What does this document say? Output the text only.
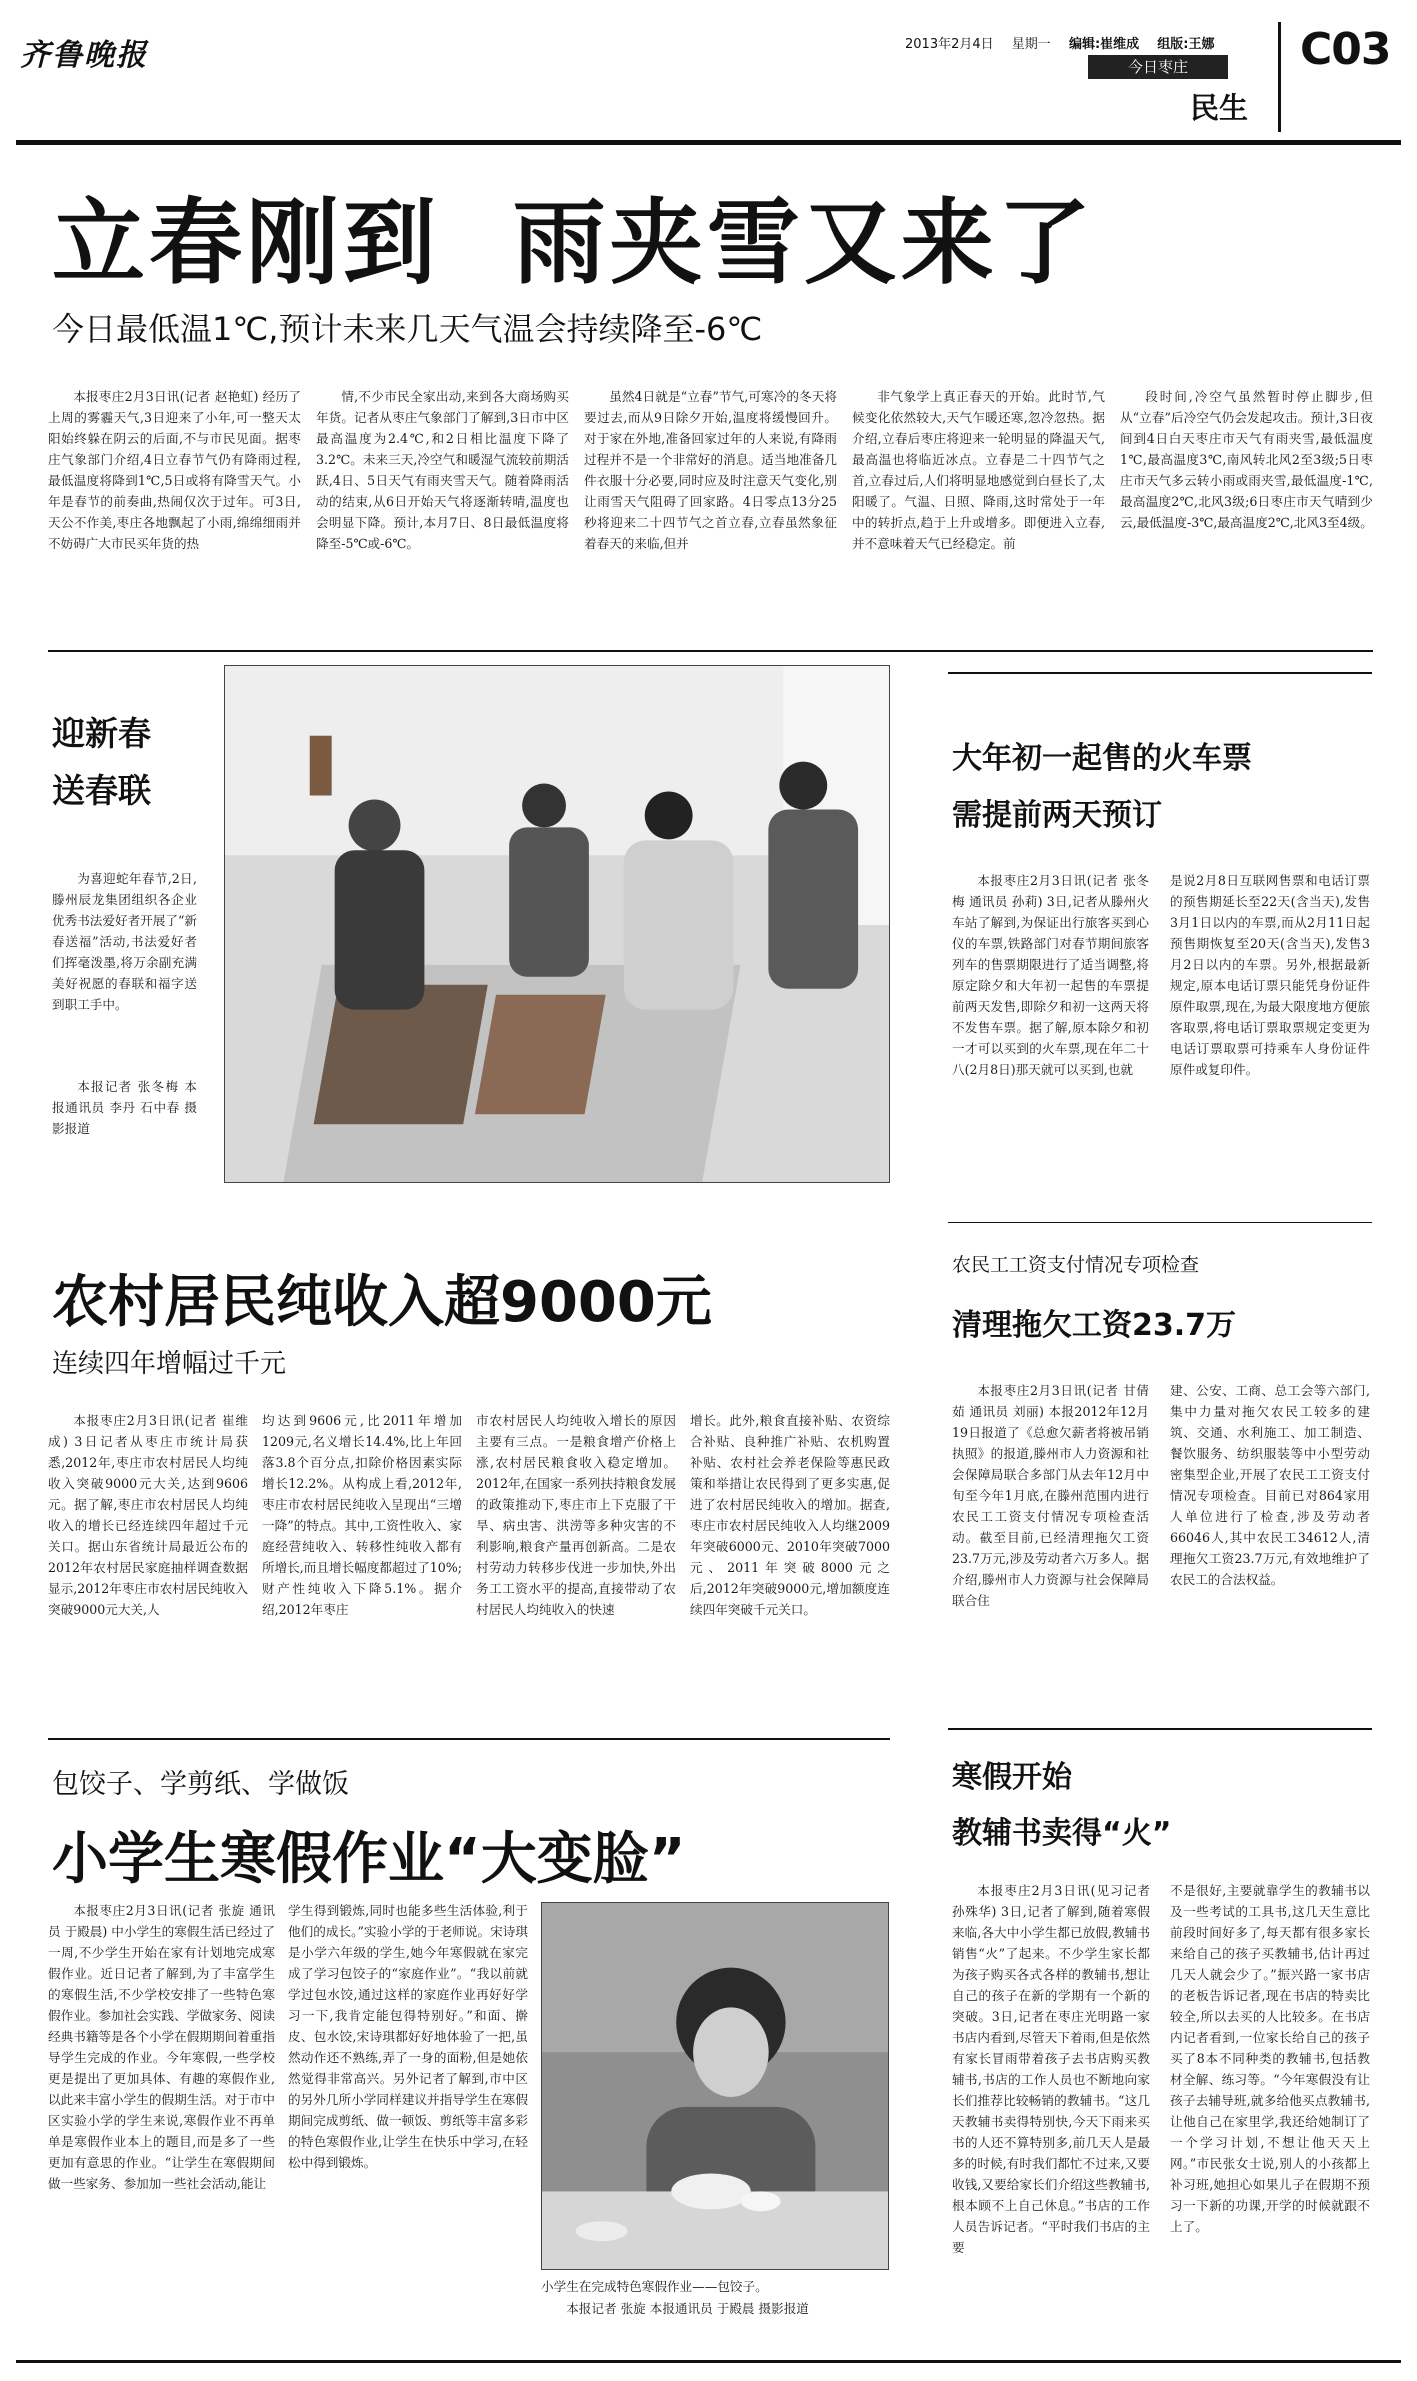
齐鲁晚报	2013年2月4日 星期一 编辑:崔维成 组版:王娜
今日枣庄
民生
C03
立春刚到  雨夹雪又来了
今日最低温1℃,预计未来几天气温会持续降至-6℃
本报枣庄2月3日讯(记者 赵艳虹) 经历了上周的雾霾天气,3日迎来了小年,可一整天太阳始终躲在阴云的后面,不与市民见面。据枣庄气象部门介绍,4日立春节气仍有降雨过程,最低温度将降到1℃,5日或将有降雪天气。小年是春节的前奏曲,热闹仅次于过年。可3日,天公不作美,枣庄各地飘起了小雨,绵绵细雨并不妨碍广大市民买年货的热
情,不少市民全家出动,来到各大商场购买年货。记者从枣庄气象部门了解到,3日市中区最高温度为2.4℃,和2日相比温度下降了3.2℃。未来三天,冷空气和暖湿气流较前期活跃,4日、5日天气有雨夹雪天气。随着降雨活动的结束,从6日开始天气将逐渐转晴,温度也会明显下降。预计,本月7日、8日最低温度将降至-5℃或-6℃。
虽然4日就是“立春”节气,可寒冷的冬天将要过去,而从9日除夕开始,温度将缓慢回升。对于家在外地,准备回家过年的人来说,有降雨过程并不是一个非常好的消息。适当地准备几件衣服十分必要,同时应及时注意天气变化,别让雨雪天气阻碍了回家路。4日零点13分25秒将迎来二十四节气之首立春,立春虽然象征着春天的来临,但并
非气象学上真正春天的开始。此时节,气候变化依然较大,天气乍暖还寒,忽冷忽热。据介绍,立春后枣庄将迎来一轮明显的降温天气,最高温也将临近冰点。立春是二十四节气之首,立春过后,人们将明显地感觉到白昼长了,太阳暖了。气温、日照、降雨,这时常处于一年中的转折点,趋于上升或增多。即便进入立春,并不意味着天气已经稳定。前
段时间,冷空气虽然暂时停止脚步,但从“立春”后冷空气仍会发起攻击。预计,3日夜间到4日白天枣庄市天气有雨夹雪,最低温度1℃,最高温度3℃,南风转北风2至3级;5日枣庄市天气多云转小雨或雨夹雪,最低温度-1℃,最高温度2℃,北风3级;6日枣庄市天气晴到少云,最低温度-3℃,最高温度2℃,北风3至4级。
迎新春
送春联
为喜迎蛇年春节,2日,滕州辰龙集团组织各企业优秀书法爱好者开展了“新春送福”活动,书法爱好者们挥毫泼墨,将万余副充满美好祝愿的春联和福字送到职工手中。
本报记者 张冬梅 本报通讯员 李丹 石中春 摄影报道
大年初一起售的火车票
需提前两天预订
本报枣庄2月3日讯(记者 张冬梅 通讯员 孙莉) 3日,记者从滕州火车站了解到,为保证出行旅客买到心仪的车票,铁路部门对春节期间旅客列车的售票期限进行了适当调整,将原定除夕和大年初一起售的车票提前两天发售,即除夕和初一这两天将不发售车票。据了解,原本除夕和初一才可以买到的火车票,现在年二十八(2月8日)那天就可以买到,也就
是说2月8日互联网售票和电话订票的预售期延长至22天(含当天),发售3月1日以内的车票,而从2月11日起预售期恢复至20天(含当天),发售3月2日以内的车票。另外,根据最新规定,原本电话订票只能凭身份证件原件取票,现在,为最大限度地方便旅客取票,将电话订票取票规定变更为电话订票取票可持乘车人身份证件原件或复印件。
农民工工资支付情况专项检查
清理拖欠工资23.7万
本报枣庄2月3日讯(记者 甘倩茹 通讯员 刘丽) 本报2012年12月19日报道了《总愈欠薪者将被吊销执照》的报道,滕州市人力资源和社会保障局联合多部门从去年12月中旬至今年1月底,在滕州范围内进行农民工工资支付情况专项检查活动。截至目前,已经清理拖欠工资23.7万元,涉及劳动者六万多人。据介绍,滕州市人力资源与社会保障局联合住
建、公安、工商、总工会等六部门,集中力量对拖欠农民工较多的建筑、交通、水利施工、加工制造、餐饮服务、纺织服装等中小型劳动密集型企业,开展了农民工工资支付情况专项检查。目前已对864家用人单位进行了检查,涉及劳动者66046人,其中农民工34612人,清理拖欠工资23.7万元,有效地维护了农民工的合法权益。
农村居民纯收入超9000元
连续四年增幅过千元
本报枣庄2月3日讯(记者 崔维成) 3日记者从枣庄市统计局获悉,2012年,枣庄市农村居民人均纯收入突破9000元大关,达到9606元。据了解,枣庄市农村居民人均纯收入的增长已经连续四年超过千元关口。据山东省统计局最近公布的2012年农村居民家庭抽样调查数据显示,2012年枣庄市农村居民纯收入突破9000元大关,人
均达到9606元,比2011年增加1209元,名义增长14.4%,比上年回落3.8个百分点,扣除价格因素实际增长12.2%。从构成上看,2012年,枣庄市农村居民纯收入呈现出“三增一降”的特点。其中,工资性收入、家庭经营纯收入、转移性纯收入都有所增长,而且增长幅度都超过了10%;财产性纯收入下降5.1%。据介绍,2012年枣庄
市农村居民人均纯收入增长的原因主要有三点。一是粮食增产价格上涨,农村居民粮食收入稳定增加。2012年,在国家一系列扶持粮食发展的政策推动下,枣庄市上下克服了干旱、病虫害、洪涝等多种灾害的不利影响,粮食产量再创新高。二是农村劳动力转移步伐进一步加快,外出务工工资水平的提高,直接带动了农村居民人均纯收入的快速
增长。此外,粮食直接补贴、农资综合补贴、良种推广补贴、农机购置补贴、农村社会养老保险等惠民政策和举措让农民得到了更多实惠,促进了农村居民纯收入的增加。据查,枣庄市农村居民纯收入人均继2009年突破6000元、2010年突破7000元、2011年突破8000元之后,2012年突破9000元,增加额度连续四年突破千元关口。
寒假开始
教辅书卖得“火”
本报枣庄2月3日讯(见习记者 孙殊华) 3日,记者了解到,随着寒假来临,各大中小学生都已放假,教辅书销售“火”了起来。不少学生家长都为孩子购买各式各样的教辅书,想让自己的孩子在新的学期有一个新的突破。3日,记者在枣庄光明路一家书店内看到,尽管天下着雨,但是依然有家长冒雨带着孩子去书店购买教辅书,书店的工作人员也不断地向家长们推荐比较畅销的教辅书。“这几天教辅书卖得特别快,今天下雨来买书的人还不算特别多,前几天人是最多的时候,有时我们都忙不过来,又要收钱,又要给家长们介绍这些教辅书,根本顾不上自己休息。”书店的工作人员告诉记者。“平时我们书店的主要
不是很好,主要就靠学生的教辅书以及一些考试的工具书,这几天生意比前段时间好多了,每天都有很多家长来给自己的孩子买教辅书,估计再过几天人就会少了。”振兴路一家书店的老板告诉记者,现在书店的特卖比较全,所以去买的人比较多。在书店内记者看到,一位家长给自己的孩子买了8本不同种类的教辅书,包括教材全解、练习等。“今年寒假没有让孩子去辅导班,就多给他买点教辅书,让他自己在家里学,我还给她制订了一个学习计划,不想让他天天上网。”市民张女士说,别人的小孩都上补习班,她担心如果儿子在假期不预习一下新的功课,开学的时候就跟不上了。
包饺子、学剪纸、学做饭
小学生寒假作业“大变脸”
本报枣庄2月3日讯(记者 张旋 通讯员 于殿晨) 中小学生的寒假生活已经过了一周,不少学生开始在家有计划地完成寒假作业。近日记者了解到,为了丰富学生的寒假生活,不少学校安排了一些特色寒假作业。参加社会实践、学做家务、阅读经典书籍等是各个小学在假期期间着重指导学生完成的作业。今年寒假,一些学校更是提出了更加具体、有趣的寒假作业,以此来丰富小学生的假期生活。对于市中区实验小学的学生来说,寒假作业不再单单是寒假作业本上的题目,而是多了一些更加有意思的作业。“让学生在寒假期间做一些家务、参加加一些社会活动,能让
学生得到锻炼,同时也能多些生活体验,利于他们的成长。”实验小学的于老师说。宋诗琪是小学六年级的学生,她今年寒假就在家完成了学习包饺子的“家庭作业”。“我以前就学过包水饺,通过这样的家庭作业再好好学习一下,我肯定能包得特别好。”和面、擀皮、包水饺,宋诗琪都好好地体验了一把,虽然动作还不熟练,弄了一身的面粉,但是她依然觉得非常高兴。另外记者了解到,市中区的另外几所小学同样建议并指导学生在寒假期间完成剪纸、做一顿饭、剪纸等丰富多彩的特色寒假作业,让学生在快乐中学习,在轻松中得到锻炼。
小学生在完成特色寒假作业——包饺子。
本报记者 张旋 本报通讯员 于殿晨 摄影报道
